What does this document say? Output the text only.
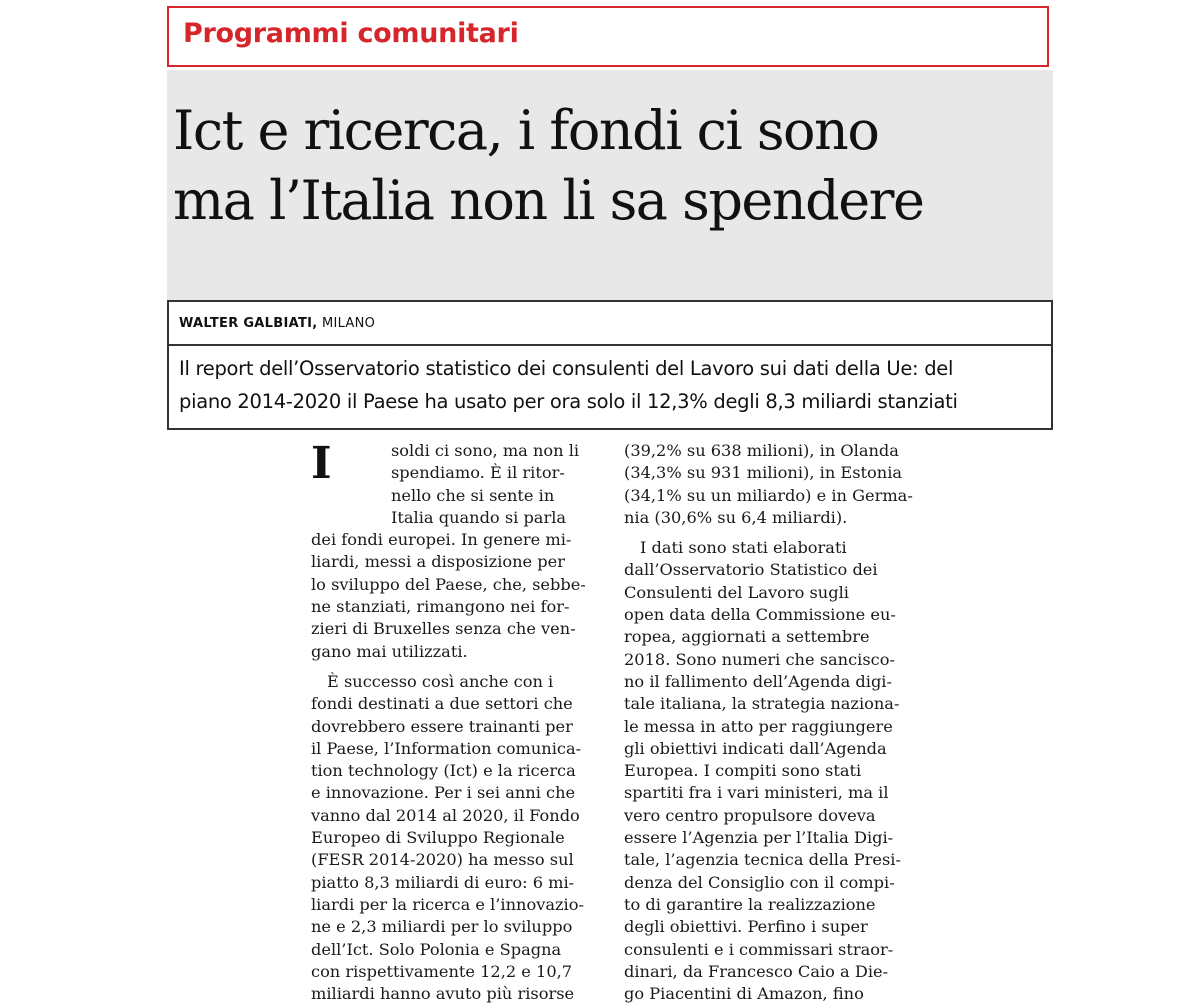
Programmi comunitari
Ict e ricerca, i fondi ci sono
ma l’Italia non li sa spendere
WALTER GALBIATI, MILANO
Il report dell’Osservatorio statistico dei consulenti del Lavoro sui dati della Ue: del
piano 2014-2020 il Paese ha usato per ora solo il 12,3% degli 8,3 miliardi stanziati
I	soldi ci sono, ma non li
spendiamo. È il ritor-
nello che si sente in
Italia quando si parla
dei fondi europei. In genere mi-
liardi, messi a disposizione per
lo sviluppo del Paese, che, sebbe-
ne stanziati, rimangono nei for-
zieri di Bruxelles senza che ven-
gano mai utilizzati.
È successo così anche con i
fondi destinati a due settori che
dovrebbero essere trainanti per
il Paese, l’Information comunica-
tion technology (Ict) e la ricerca
e innovazione. Per i sei anni che
vanno dal 2014 al 2020, il Fondo
Europeo di Sviluppo Regionale
(FESR 2014-2020) ha messo sul
piatto 8,3 miliardi di euro: 6 mi-
liardi per la ricerca e l’innovazio-
ne e 2,3 miliardi per lo sviluppo
dell’Ict. Solo Polonia e Spagna
con rispettivamente 12,2 e 10,7
miliardi hanno avuto più risorse
(39,2% su 638 milioni), in Olanda
(34,3% su 931 milioni), in Estonia
(34,1% su un miliardo) e in Germa-
nia (30,6% su 6,4 miliardi).
I dati sono stati elaborati
dall’Osservatorio Statistico dei
Consulenti del Lavoro sugli
open data della Commissione eu-
ropea, aggiornati a settembre
2018. Sono numeri che sancisco-
no il fallimento dell’Agenda digi-
tale italiana, la strategia naziona-
le messa in atto per raggiungere
gli obiettivi indicati dall’Agenda
Europea. I compiti sono stati
spartiti fra i vari ministeri, ma il
vero centro propulsore doveva
essere l’Agenzia per l’Italia Digi-
tale, l’agenzia tecnica della Presi-
denza del Consiglio con il compi-
to di garantire la realizzazione
degli obiettivi. Perfino i super
consulenti e i commissari straor-
dinari, da Francesco Caio a Die-
go Piacentini di Amazon, fino
